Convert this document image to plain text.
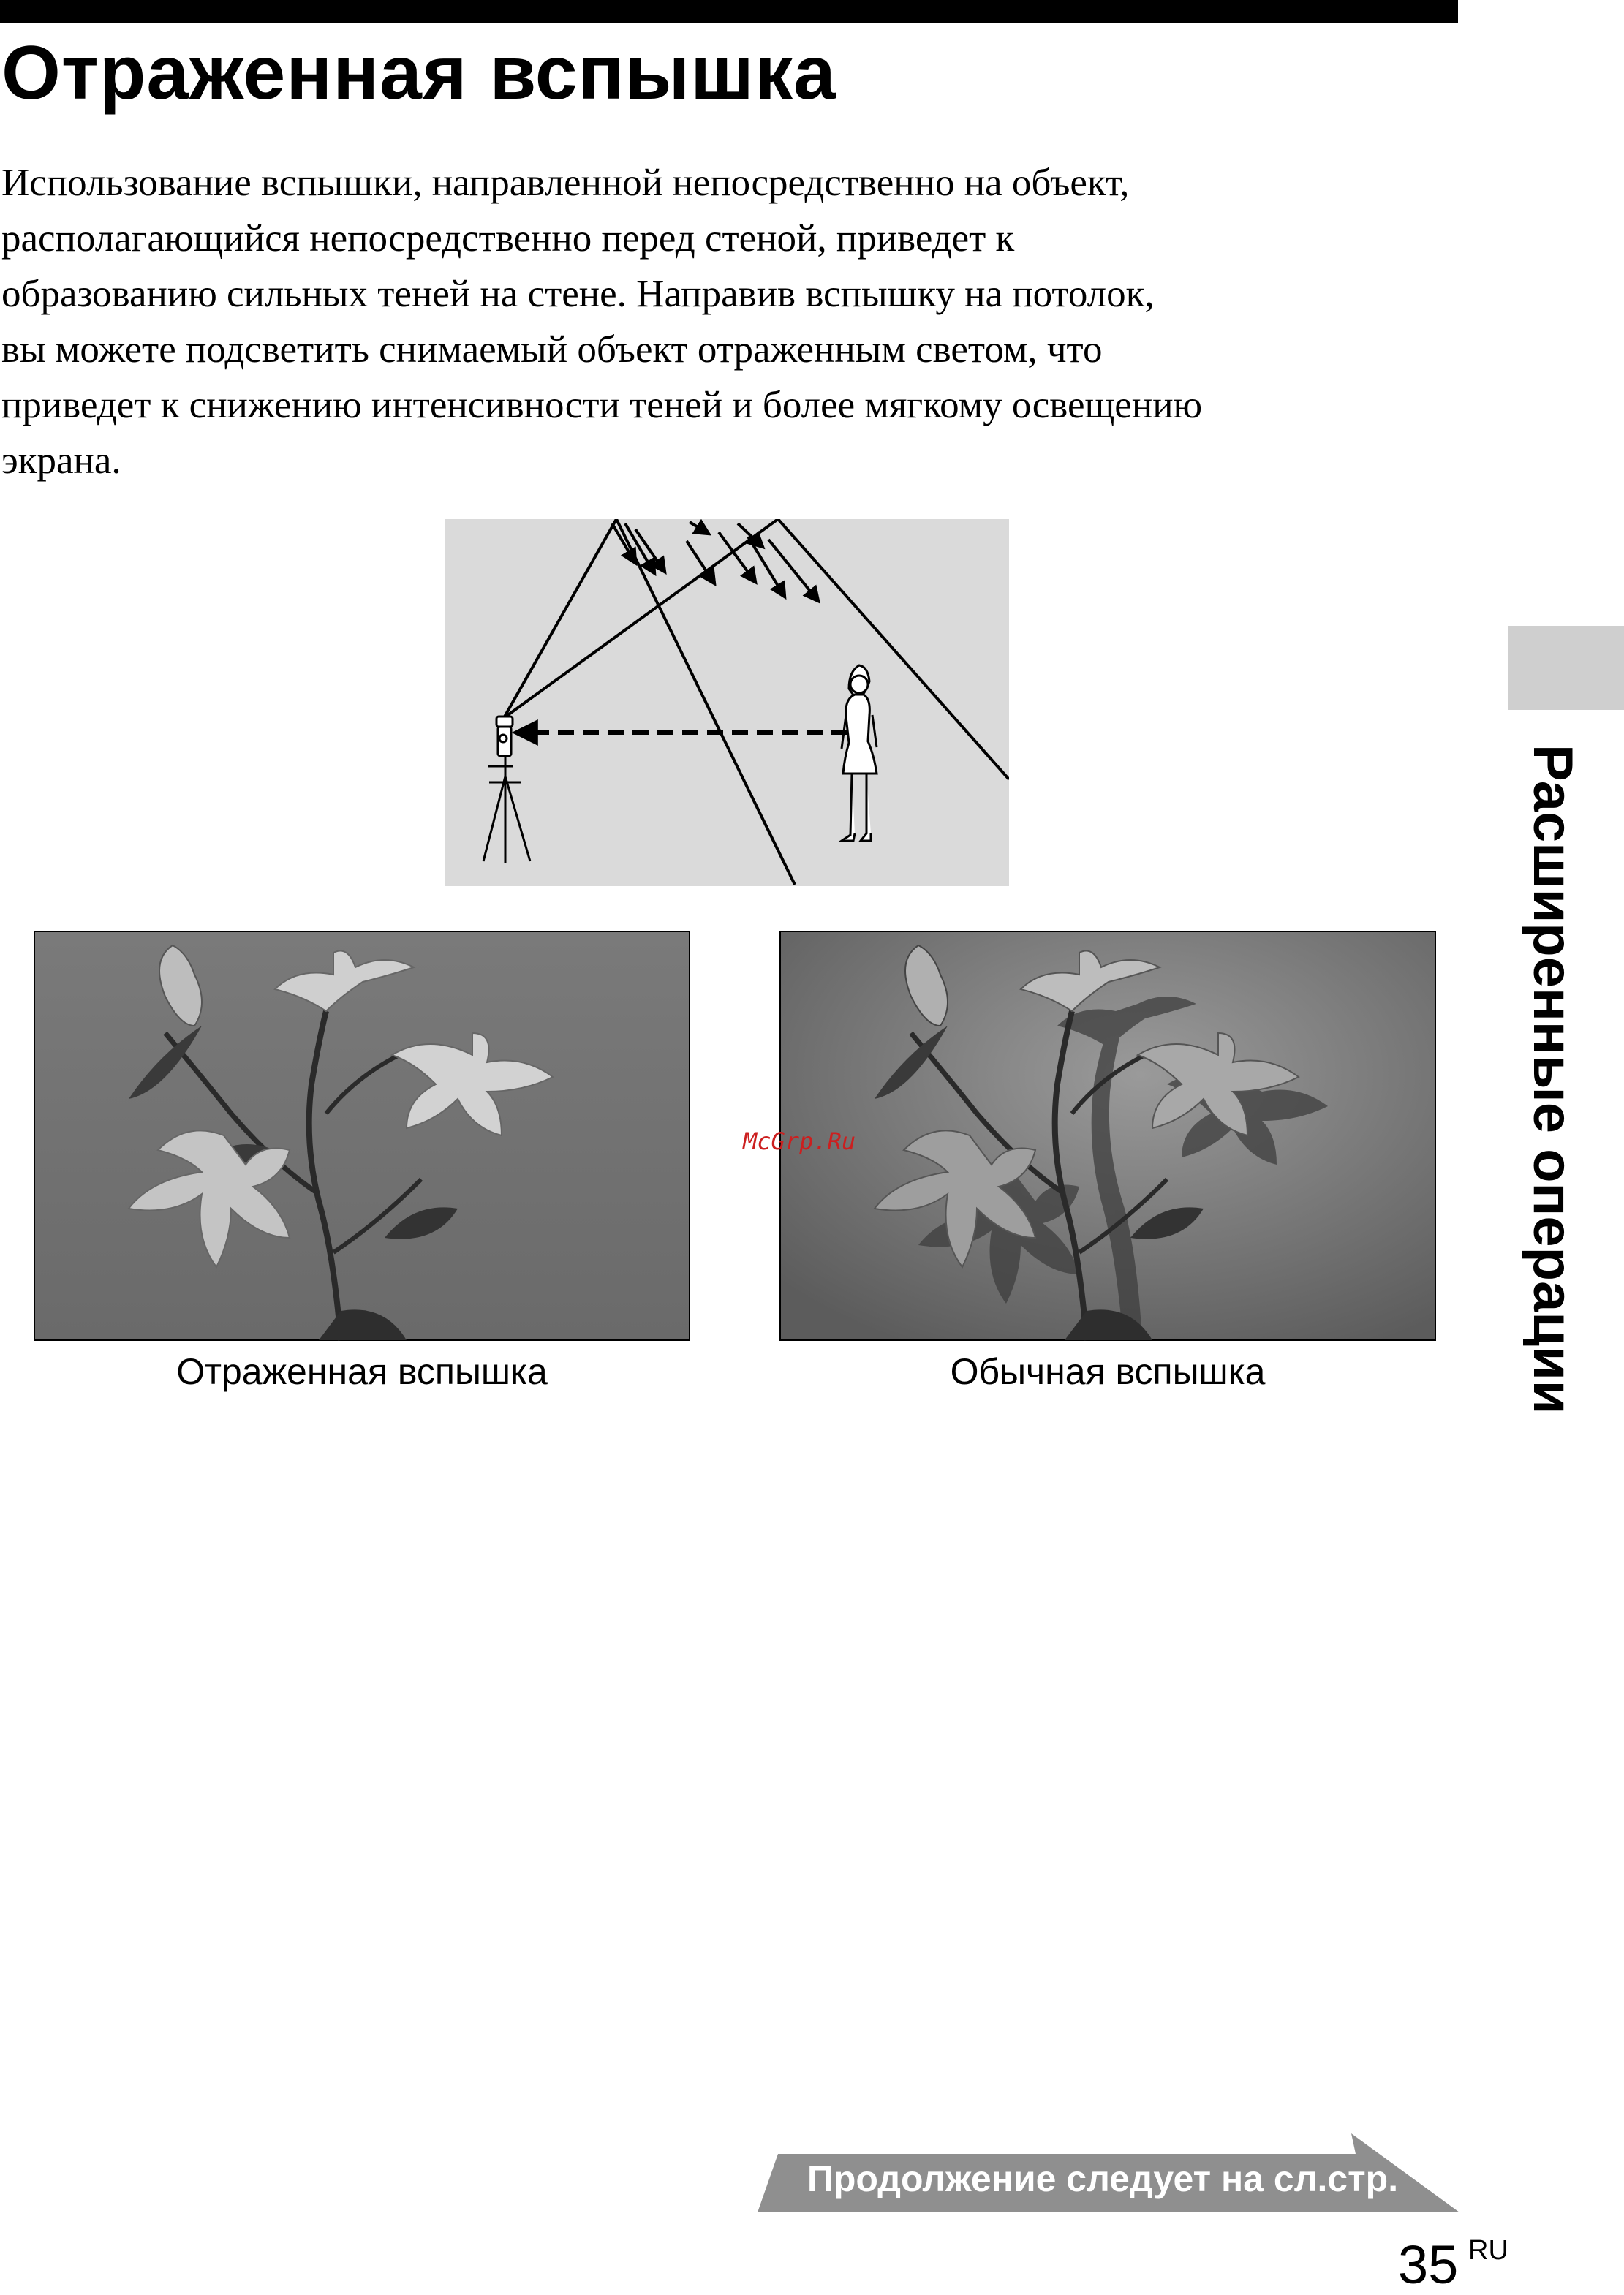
Отраженная вспышка

Использование вспышки, направленной непосредственно на объект,
располагающийся непосредственно перед стеной, приведет к
образованию сильных теней на стене. Направив вспышку на потолок,
вы можете подсветить снимаемый объект отраженным светом, что
приведет к снижению интенсивности теней и более мягкому освещению
экрана.

Отраженная вспышка	Обычная вспышка
McGrp.Ru	Расширенные операции
Продолжение следует на сл.стр.
35 RU
